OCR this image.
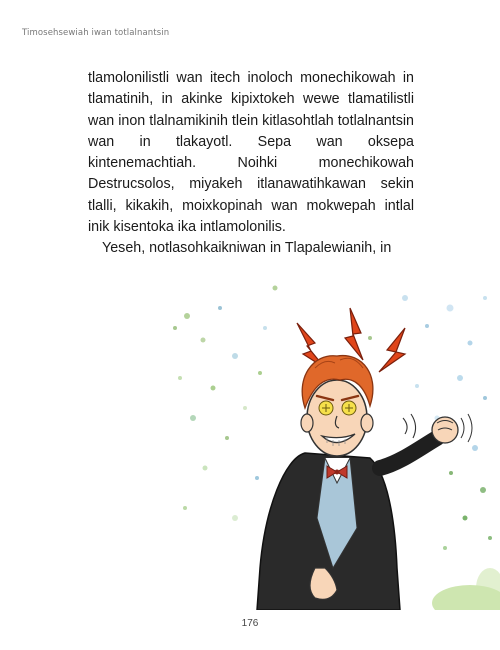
Timosehsewiah iwan totlalnantsin

tlamolonilistli wan itech inoloch monechikowah in tlamatinih, in akinke kipixtokeh wewe tlamatilistli wan inon tlalnamikinih tlein kitlasohtlah totlalnantsin wan in tlakayotl. Sepa wan oksepa kintenemachtiah. Noihki monechikowah Destrucsolos, miyakeh itlanawatihkawan sekin tlalli, kikakih, moixkopinah wan mokwepah intlal inik kisentoka ika intlamolonilis.

Yeseh, notlasohkaikniwan in Tlapalewianih, in

176
